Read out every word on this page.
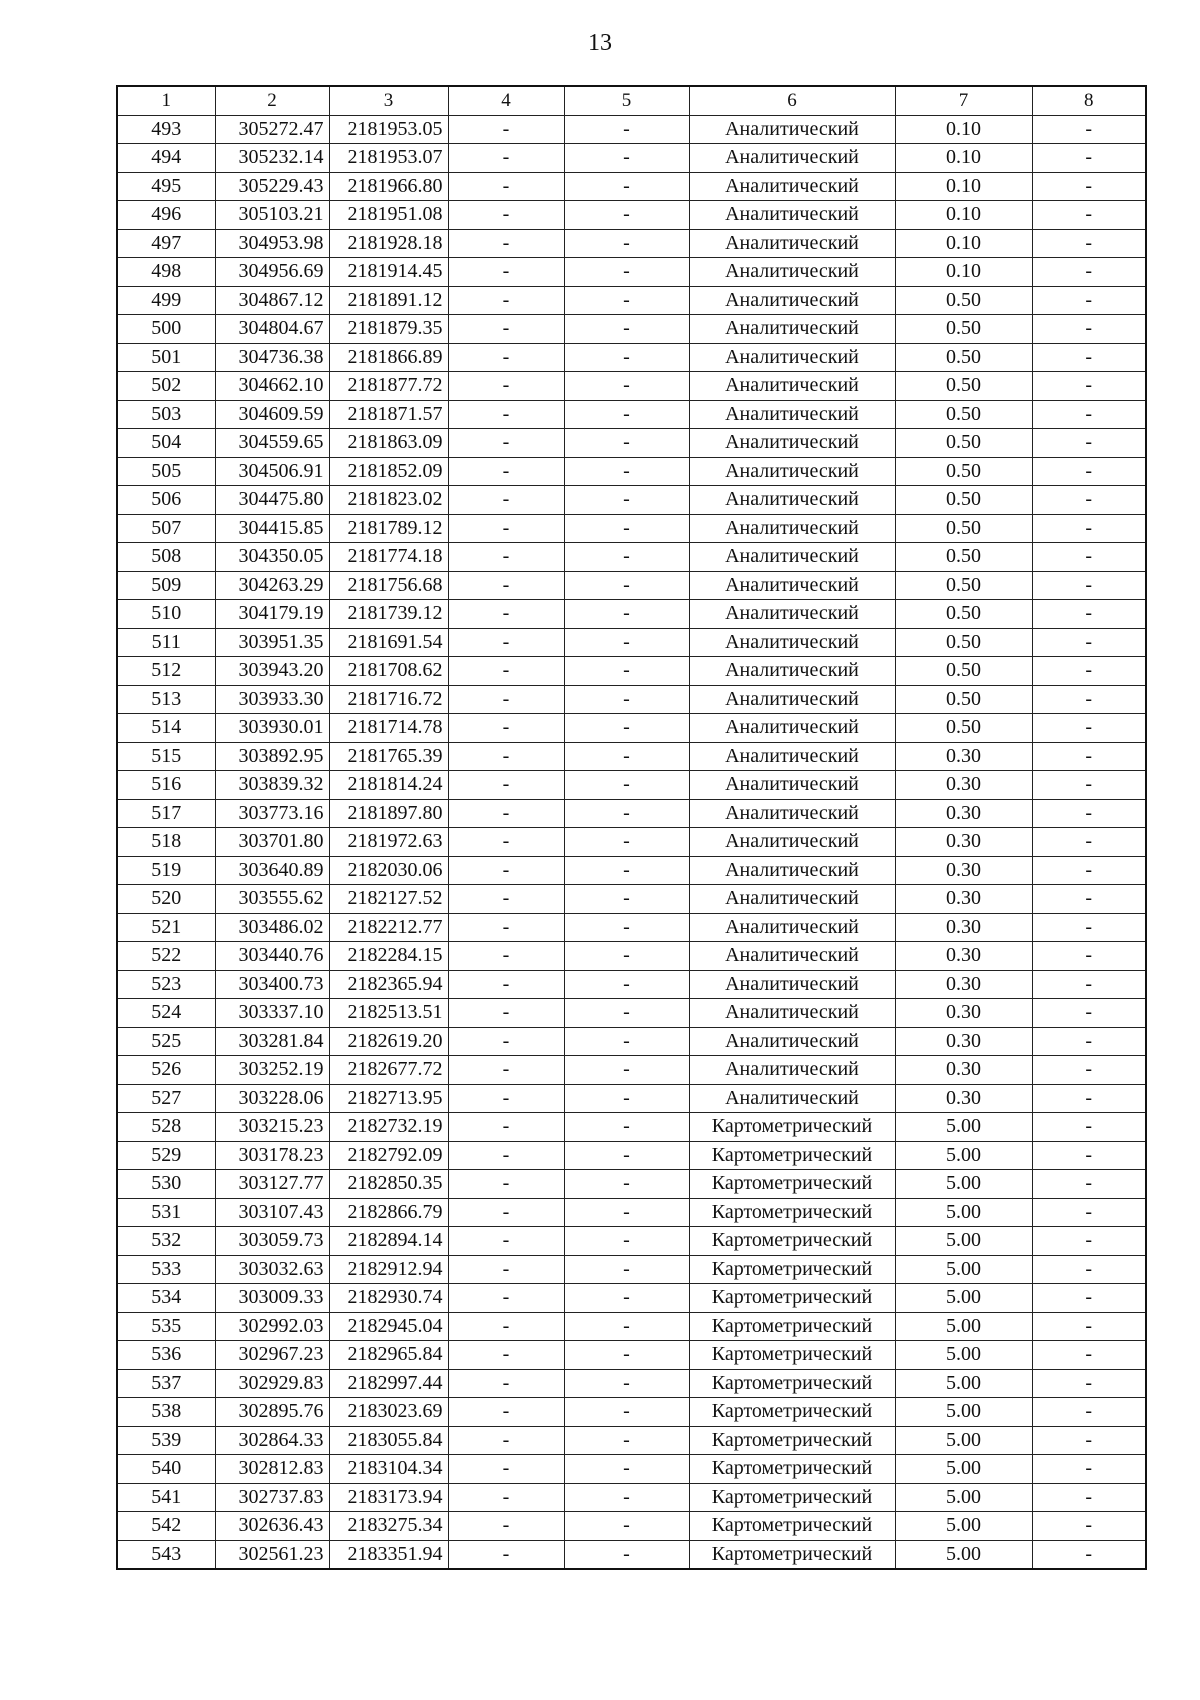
13
1	2	3	4	5	6	7	8
493	305272.47	2181953.05	-	-	Аналитический	0.10	-
494	305232.14	2181953.07	-	-	Аналитический	0.10	-
495	305229.43	2181966.80	-	-	Аналитический	0.10	-
496	305103.21	2181951.08	-	-	Аналитический	0.10	-
497	304953.98	2181928.18	-	-	Аналитический	0.10	-
498	304956.69	2181914.45	-	-	Аналитический	0.10	-
499	304867.12	2181891.12	-	-	Аналитический	0.50	-
500	304804.67	2181879.35	-	-	Аналитический	0.50	-
501	304736.38	2181866.89	-	-	Аналитический	0.50	-
502	304662.10	2181877.72	-	-	Аналитический	0.50	-
503	304609.59	2181871.57	-	-	Аналитический	0.50	-
504	304559.65	2181863.09	-	-	Аналитический	0.50	-
505	304506.91	2181852.09	-	-	Аналитический	0.50	-
506	304475.80	2181823.02	-	-	Аналитический	0.50	-
507	304415.85	2181789.12	-	-	Аналитический	0.50	-
508	304350.05	2181774.18	-	-	Аналитический	0.50	-
509	304263.29	2181756.68	-	-	Аналитический	0.50	-
510	304179.19	2181739.12	-	-	Аналитический	0.50	-
511	303951.35	2181691.54	-	-	Аналитический	0.50	-
512	303943.20	2181708.62	-	-	Аналитический	0.50	-
513	303933.30	2181716.72	-	-	Аналитический	0.50	-
514	303930.01	2181714.78	-	-	Аналитический	0.50	-
515	303892.95	2181765.39	-	-	Аналитический	0.30	-
516	303839.32	2181814.24	-	-	Аналитический	0.30	-
517	303773.16	2181897.80	-	-	Аналитический	0.30	-
518	303701.80	2181972.63	-	-	Аналитический	0.30	-
519	303640.89	2182030.06	-	-	Аналитический	0.30	-
520	303555.62	2182127.52	-	-	Аналитический	0.30	-
521	303486.02	2182212.77	-	-	Аналитический	0.30	-
522	303440.76	2182284.15	-	-	Аналитический	0.30	-
523	303400.73	2182365.94	-	-	Аналитический	0.30	-
524	303337.10	2182513.51	-	-	Аналитический	0.30	-
525	303281.84	2182619.20	-	-	Аналитический	0.30	-
526	303252.19	2182677.72	-	-	Аналитический	0.30	-
527	303228.06	2182713.95	-	-	Аналитический	0.30	-
528	303215.23	2182732.19	-	-	Картометрический	5.00	-
529	303178.23	2182792.09	-	-	Картометрический	5.00	-
530	303127.77	2182850.35	-	-	Картометрический	5.00	-
531	303107.43	2182866.79	-	-	Картометрический	5.00	-
532	303059.73	2182894.14	-	-	Картометрический	5.00	-
533	303032.63	2182912.94	-	-	Картометрический	5.00	-
534	303009.33	2182930.74	-	-	Картометрический	5.00	-
535	302992.03	2182945.04	-	-	Картометрический	5.00	-
536	302967.23	2182965.84	-	-	Картометрический	5.00	-
537	302929.83	2182997.44	-	-	Картометрический	5.00	-
538	302895.76	2183023.69	-	-	Картометрический	5.00	-
539	302864.33	2183055.84	-	-	Картометрический	5.00	-
540	302812.83	2183104.34	-	-	Картометрический	5.00	-
541	302737.83	2183173.94	-	-	Картометрический	5.00	-
542	302636.43	2183275.34	-	-	Картометрический	5.00	-
543	302561.23	2183351.94	-	-	Картометрический	5.00	-
